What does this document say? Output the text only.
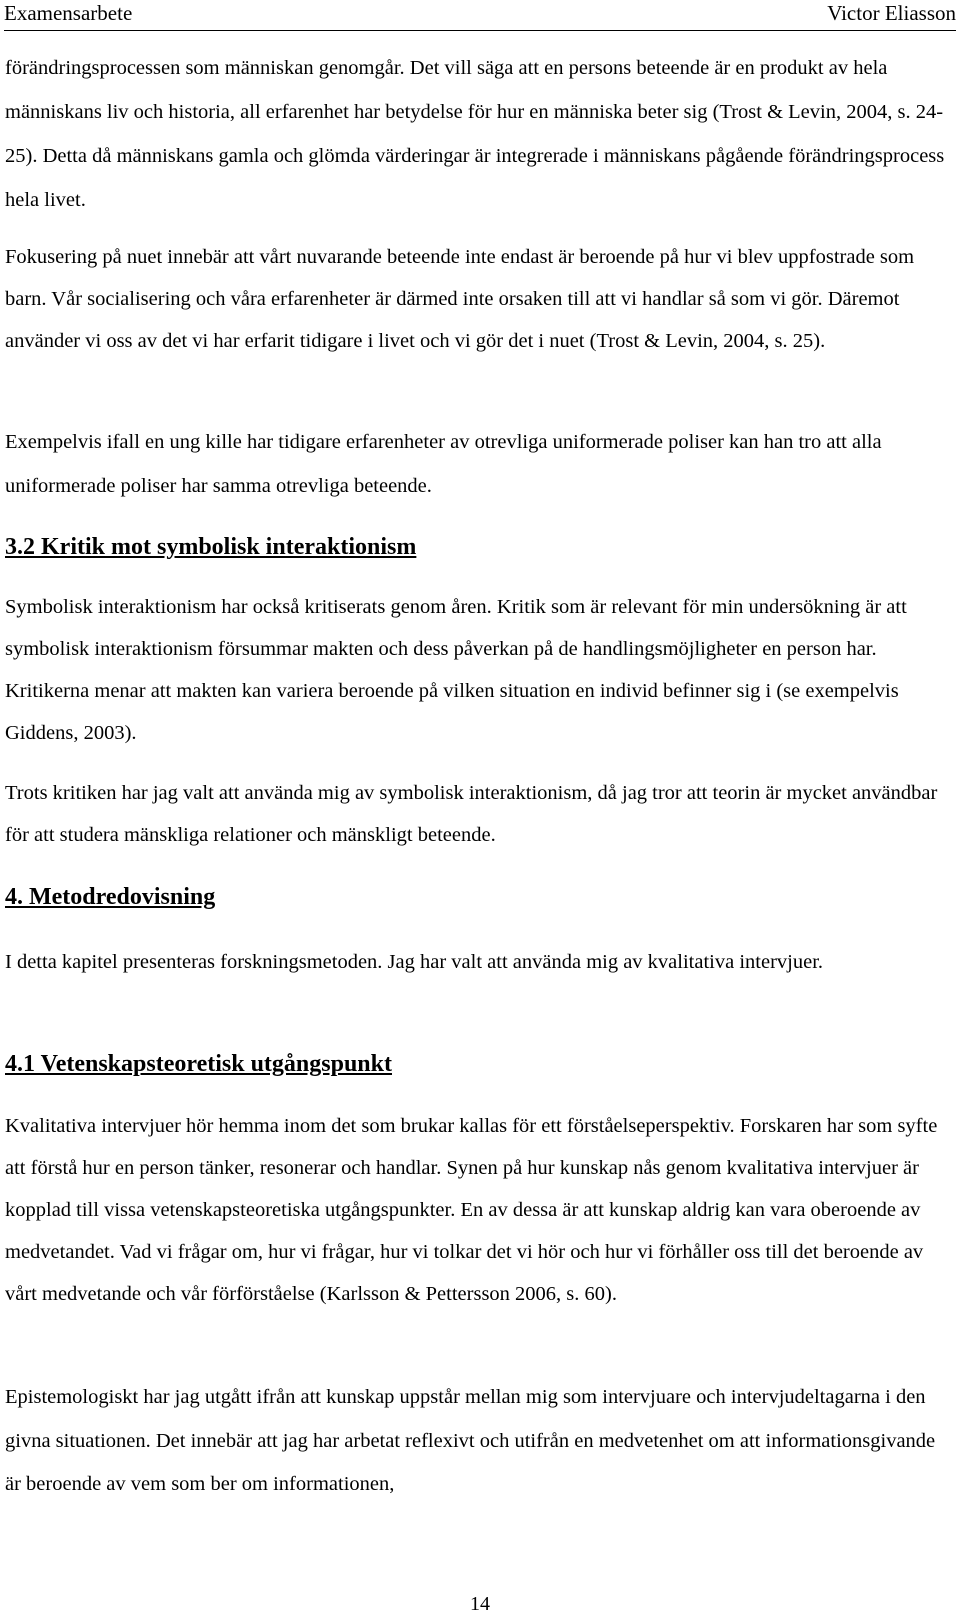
Examensarbete	Victor Eliasson

förändringsprocessen som människan genomgår. Det vill säga att en persons beteende är en produkt av hela människans liv och historia, all erfarenhet har betydelse för hur en människa beter sig (Trost & Levin, 2004, s. 24-25). Detta då människans gamla och glömda värderingar är integrerade i människans pågående förändringsprocess hela livet.

Fokusering på nuet innebär att vårt nuvarande beteende inte endast är beroende på hur vi blev uppfostrade som barn. Vår socialisering och våra erfarenheter är därmed inte orsaken till att vi handlar så som vi gör. Däremot använder vi oss av det vi har erfarit tidigare i livet och vi gör det i nuet (Trost & Levin, 2004, s. 25).

Exempelvis ifall en ung kille har tidigare erfarenheter av otrevliga uniformerade poliser kan han tro att alla uniformerade poliser har samma otrevliga beteende.

3.2 Kritik mot symbolisk interaktionism

Symbolisk interaktionism har också kritiserats genom åren. Kritik som är relevant för min undersökning är att symbolisk interaktionism försummar makten och dess påverkan på de handlingsmöjligheter en person har. Kritikerna menar att makten kan variera beroende på vilken situation en individ befinner sig i (se exempelvis Giddens, 2003).

Trots kritiken har jag valt att använda mig av symbolisk interaktionism, då jag tror att teorin är mycket användbar för att studera mänskliga relationer och mänskligt beteende.

4. Metodredovisning

I detta kapitel presenteras forskningsmetoden. Jag har valt att använda mig av kvalitativa intervjuer.

4.1 Vetenskapsteoretisk utgångspunkt

Kvalitativa intervjuer hör hemma inom det som brukar kallas för ett förståelseperspektiv. Forskaren har som syfte att förstå hur en person tänker, resonerar och handlar. Synen på hur kunskap nås genom kvalitativa intervjuer är kopplad till vissa vetenskapsteoretiska utgångspunkter. En av dessa är att kunskap aldrig kan vara oberoende av medvetandet. Vad vi frågar om, hur vi frågar, hur vi tolkar det vi hör och hur vi förhåller oss till det beroende av vårt medvetande och vår förförståelse (Karlsson & Pettersson 2006, s. 60).

Epistemologiskt har jag utgått ifrån att kunskap uppstår mellan mig som intervjuare och intervjudeltagarna i den givna situationen. Det innebär att jag har arbetat reflexivt och utifrån en medvetenhet om att informationsgivande är beroende av vem som ber om informationen,

14
